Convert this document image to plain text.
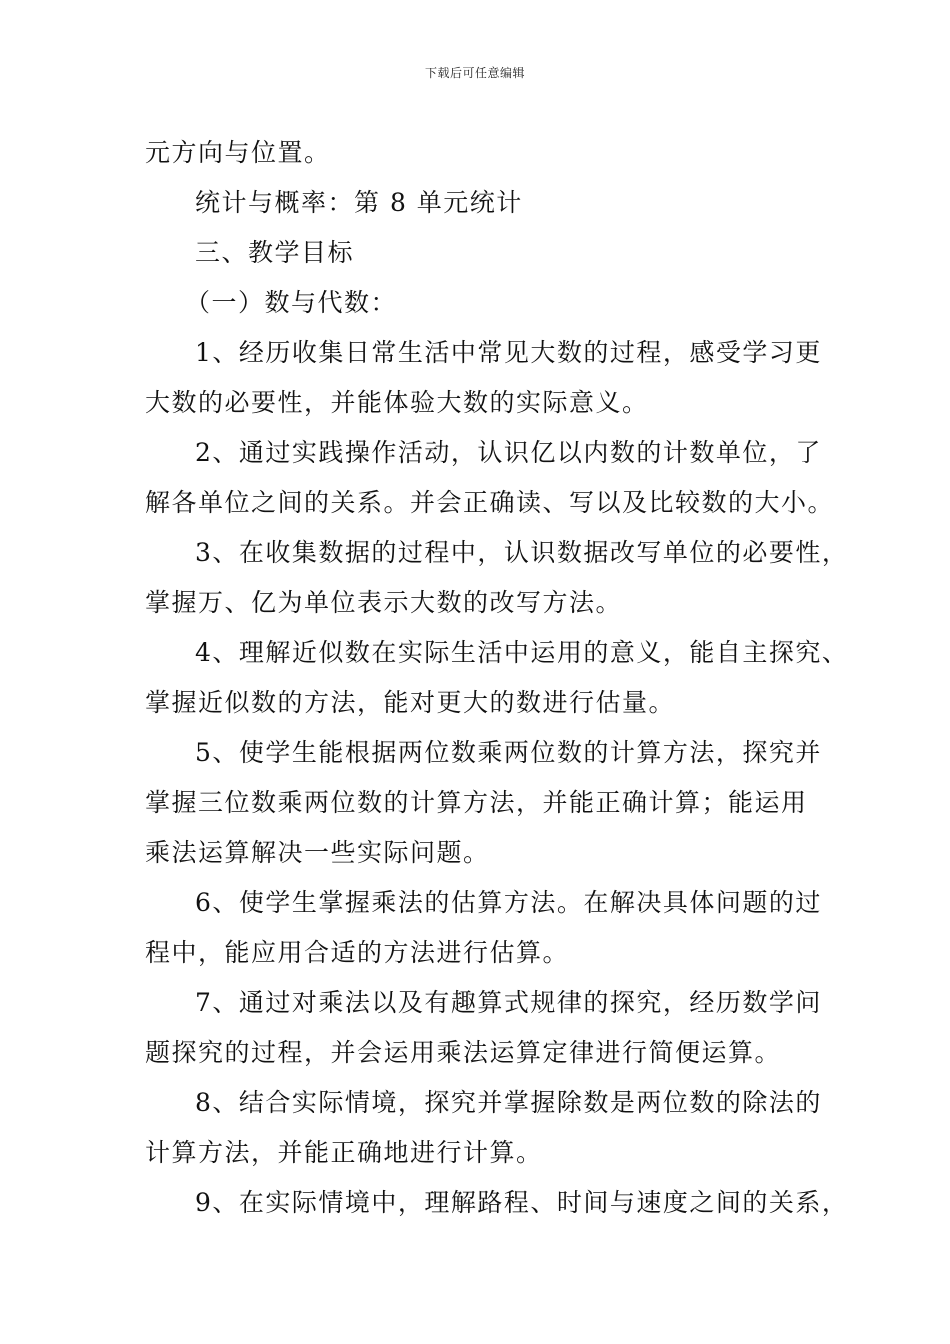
下载后可任意编辑
元方向与位置。
统计与概率：第 8 单元统计
三、教学目标
（一）数与代数：
1、经历收集日常生活中常见大数的过程，感受学习更
大数的必要性，并能体验大数的实际意义。
2、通过实践操作活动，认识亿以内数的计数单位，了
解各单位之间的关系。并会正确读、写以及比较数的大小。
3、在收集数据的过程中，认识数据改写单位的必要性，
掌握万、亿为单位表示大数的改写方法。
4、理解近似数在实际生活中运用的意义，能自主探究、
掌握近似数的方法，能对更大的数进行估量。
5、使学生能根据两位数乘两位数的计算方法，探究并
掌握三位数乘两位数的计算方法，并能正确计算；能运用
乘法运算解决一些实际问题。
6、使学生掌握乘法的估算方法。在解决具体问题的过
程中，能应用合适的方法进行估算。
7、通过对乘法以及有趣算式规律的探究，经历数学问
题探究的过程，并会运用乘法运算定律进行简便运算。
8、结合实际情境，探究并掌握除数是两位数的除法的
计算方法，并能正确地进行计算。
9、在实际情境中，理解路程、时间与速度之间的关系，
